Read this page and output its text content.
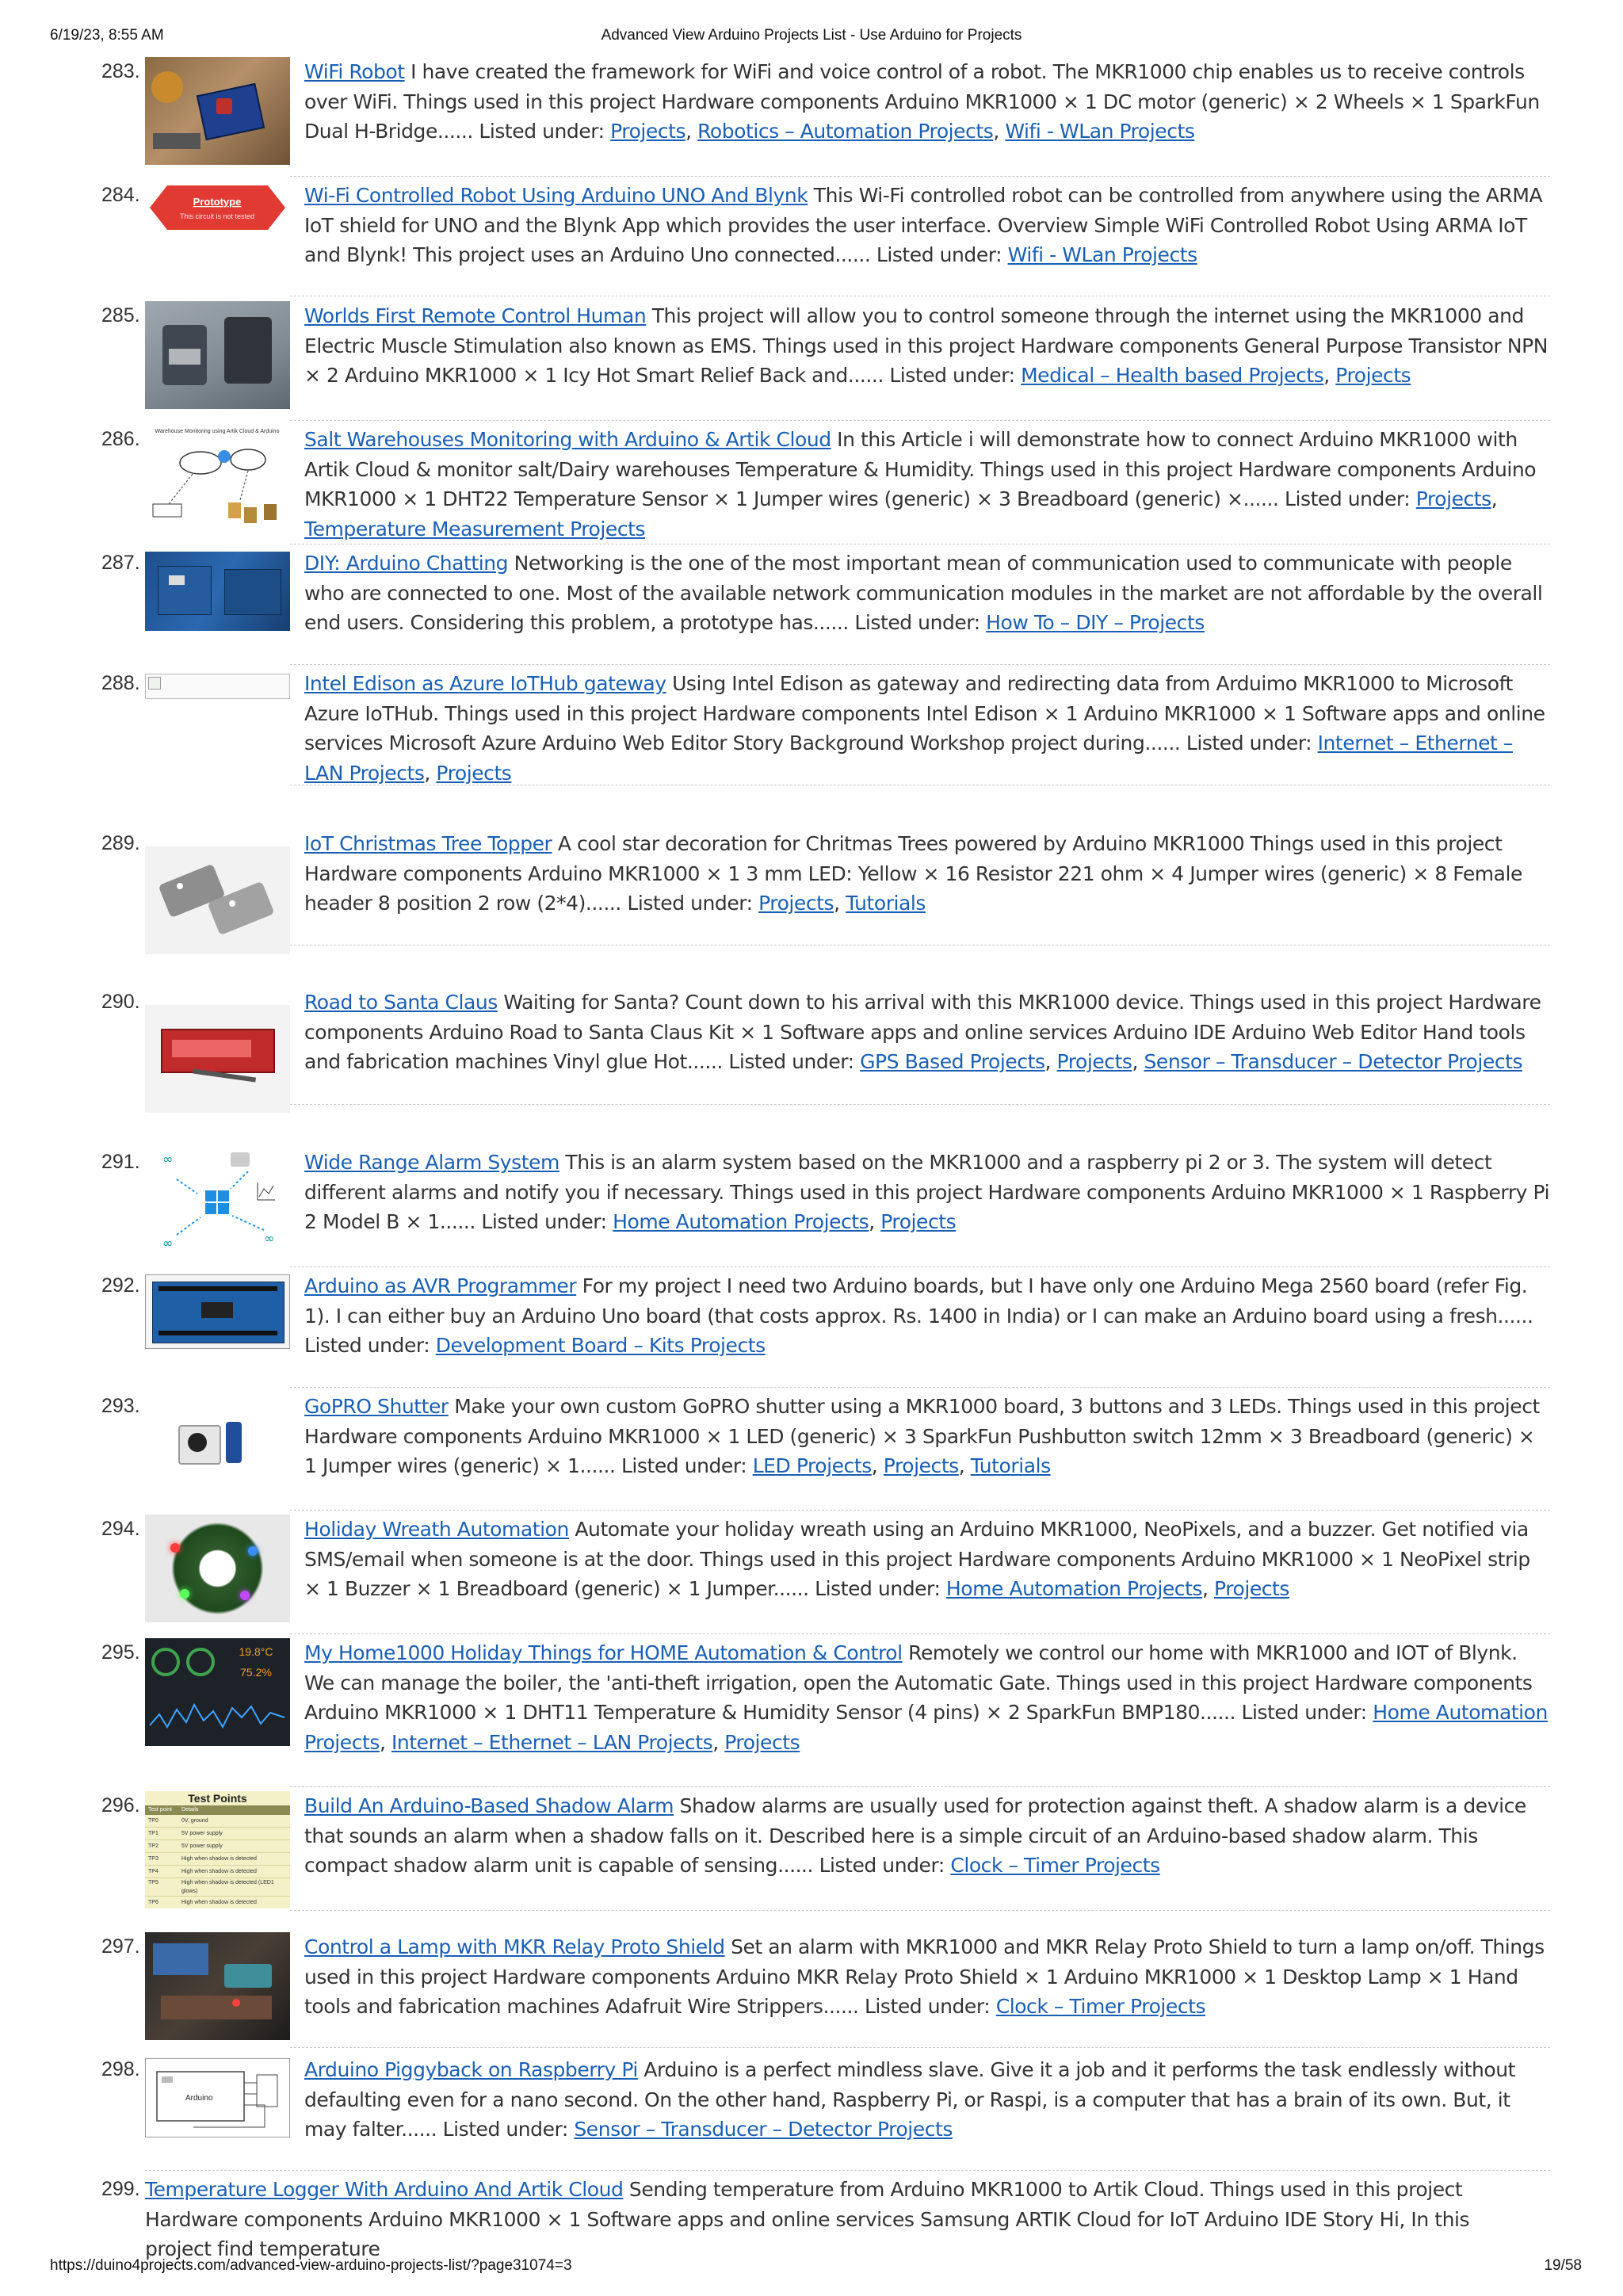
6/19/23, 8:55 AM	Advanced View Arduino Projects List - Use Arduino for Projects
https://duino4projects.com/advanced-view-arduino-projects-list/?page31074=3	19/58
283.	WiFi Robot I have created the framework for WiFi and voice control of a robot. The MKR1000 chip enables us to receive controls over WiFi. Things used in this project Hardware components Arduino MKR1000 × 1 DC motor (generic) × 2 Wheels × 1 SparkFun Dual H-Bridge...... Listed under: Projects, Robotics – Automation Projects, Wifi - WLan Projects
284.	Prototype
This circuit is not tested
Wi-Fi Controlled Robot Using Arduino UNO And Blynk This Wi-Fi controlled robot can be controlled from anywhere using the ARMA IoT shield for UNO and the Blynk App which provides the user interface. Overview Simple WiFi Controlled Robot Using ARMA IoT and Blynk! This project uses an Arduino Uno connected...... Listed under: Wifi - WLan Projects
285.	Worlds First Remote Control Human This project will allow you to control someone through the internet using the MKR1000 and Electric Muscle Stimulation also known as EMS. Things used in this project Hardware components General Purpose Transistor NPN × 2 Arduino MKR1000 × 1 Icy Hot Smart Relief Back and...... Listed under: Medical – Health based Projects, Projects
286.	Warehouse Monitoring using Artik Cloud & Arduino Salt Warehouses Monitoring with Arduino & Artik Cloud In this Article i will demonstrate how to connect Arduino MKR1000 with Artik Cloud & monitor salt/Dairy warehouses Temperature & Humidity. Things used in this project Hardware components Arduino MKR1000 × 1 DHT22 Temperature Sensor × 1 Jumper wires (generic) × 3 Breadboard (generic) ×...... Listed under: Projects, Temperature Measurement Projects
287.	DIY: Arduino Chatting Networking is the one of the most important mean of communication used to communicate with people who are connected to one. Most of the available network communication modules in the market are not affordable by the overall end users. Considering this problem, a prototype has...... Listed under: How To – DIY – Projects
288.	Intel Edison as Azure IoTHub gateway Using Intel Edison as gateway and redirecting data from Arduimo MKR1000 to Microsoft Azure IoTHub. Things used in this project Hardware components Intel Edison × 1 Arduino MKR1000 × 1 Software apps and online services Microsoft Azure Arduino Web Editor Story Background Workshop project during...... Listed under: Internet – Ethernet – LAN Projects, Projects
289.	IoT Christmas Tree Topper A cool star decoration for Chritmas Trees powered by Arduino MKR1000 Things used in this project Hardware components Arduino MKR1000 × 1 3 mm LED: Yellow × 16 Resistor 221 ohm × 4 Jumper wires (generic) × 8 Female header 8 position 2 row (2*4)...... Listed under: Projects, Tutorials
290.	Road to Santa Claus Waiting for Santa? Count down to his arrival with this MKR1000 device. Things used in this project Hardware components Arduino Road to Santa Claus Kit × 1 Software apps and online services Arduino IDE Arduino Web Editor Hand tools and fabrication machines Vinyl glue Hot...... Listed under: GPS Based Projects, Projects, Sensor – Transducer – Detector Projects
291. ∞
∞
∞
Wide Range Alarm System This is an alarm system based on the MKR1000 and a raspberry pi 2 or 3. The system will detect different alarms and notify you if necessary. Things used in this project Hardware components Arduino MKR1000 × 1 Raspberry Pi 2 Model B × 1...... Listed under: Home Automation Projects, Projects
292.	Arduino as AVR Programmer For my project I need two Arduino boards, but I have only one Arduino Mega 2560 board (refer Fig. 1). I can either buy an Arduino Uno board (that costs approx. Rs. 1400 in India) or I can make an Arduino board using a fresh...... Listed under: Development Board – Kits Projects
293.	GoPRO Shutter Make your own custom GoPRO shutter using a MKR1000 board, 3 buttons and 3 LEDs. Things used in this project Hardware components Arduino MKR1000 × 1 LED (generic) × 3 SparkFun Pushbutton switch 12mm × 3 Breadboard (generic) × 1 Jumper wires (generic) × 1...... Listed under: LED Projects, Projects, Tutorials
294.	Holiday Wreath Automation Automate your holiday wreath using an Arduino MKR1000, NeoPixels, and a buzzer. Get notified via SMS/email when someone is at the door. Things used in this project Hardware components Arduino MKR1000 × 1 NeoPixel strip × 1 Buzzer × 1 Breadboard (generic) × 1 Jumper...... Listed under: Home Automation Projects, Projects
295.	19.8°C
75.2%
My Home1000 Holiday Things for HOME Automation & Control Remotely we control our home with MKR1000 and IOT of Blynk. We can manage the boiler, the 'anti-theft irrigation, open the Automatic Gate. Things used in this project Hardware components Arduino MKR1000 × 1 DHT11 Temperature & Humidity Sensor (4 pins) × 2 SparkFun BMP180...... Listed under: Home Automation Projects, Internet – Ethernet – LAN Projects, Projects
296.	Test Points
Test point	Details
TP0	0V, ground
TP1	5V power supply
TP2	5V power supply
TP3	High when shadow is detected
TP4	High when shadow is detected
TP5	High when shadow is detected (LED1 glows)
TP6	High when shadow is detected
Build An Arduino-Based Shadow Alarm Shadow alarms are usually used for protection against theft. A shadow alarm is a device that sounds an alarm when a shadow falls on it. Described here is a simple circuit of an Arduino-based shadow alarm. This compact shadow alarm unit is capable of sensing...... Listed under: Clock – Timer Projects
297.	Control a Lamp with MKR Relay Proto Shield Set an alarm with MKR1000 and MKR Relay Proto Shield to turn a lamp on/off. Things used in this project Hardware components Arduino MKR Relay Proto Shield × 1 Arduino MKR1000 × 1 Desktop Lamp × 1 Hand tools and fabrication machines Adafruit Wire Strippers...... Listed under: Clock – Timer Projects
298.
Arduino
Arduino Piggyback on Raspberry Pi Arduino is a perfect mindless slave. Give it a job and it performs the task endlessly without defaulting even for a nano second. On the other hand, Raspberry Pi, or Raspi, is a computer that has a brain of its own. But, it may falter...... Listed under: Sensor – Transducer – Detector Projects
299. Temperature Logger With Arduino And Artik Cloud Sending temperature from Arduino MKR1000 to Artik Cloud. Things used in this project Hardware components Arduino MKR1000 × 1 Software apps and online services Samsung ARTIK Cloud for IoT Arduino IDE Story Hi, In this project find temperature
